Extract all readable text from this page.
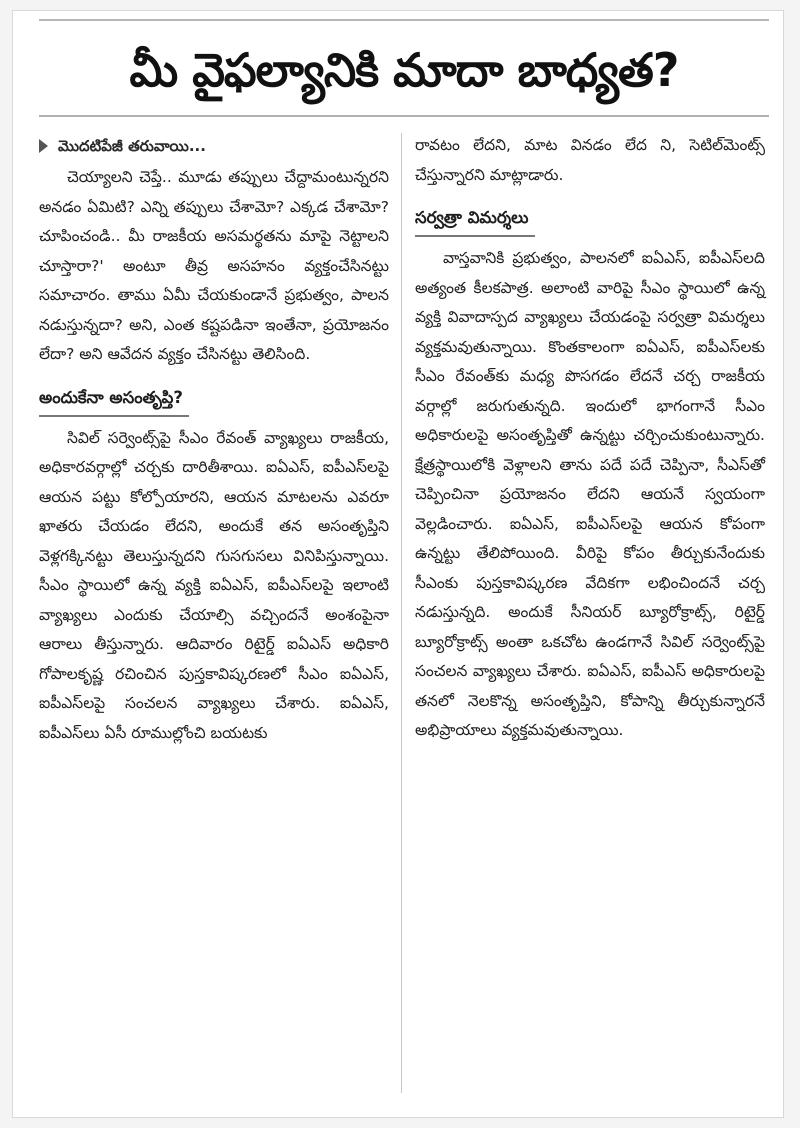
మీ వైఫల్యానికి మాదా బాధ్యత?
మొదటిపేజీ తరువాయి...

చెయ్యాలని చెప్తే.. మూడు తప్పులు చేద్దామంటున్నరని అనడం ఏమిటి? ఎన్ని తప్పులు చేశామో? ఎక్కడ చేశామో? చూపించండి.. మీ రాజకీయ అసమర్థతను మాపై నెట్టాలని చూస్తారా?' అంటూ తీవ్ర అసహనం వ్యక్తంచేసినట్టు సమాచారం. తాము ఏమీ చేయకుండానే ప్రభుత్వం, పాలన నడుస్తున్నదా? అని, ఎంత కష్టపడినా ఇంతేనా, ప్రయోజనం లేదా? అని ఆవేదన వ్యక్తం చేసినట్టు తెలిసింది.

అందుకేనా అసంతృప్తి?

సివిల్ సర్వెంట్స్‌పై సీఎం రేవంత్ వ్యాఖ్యలు రాజకీయ, అధికారవర్గాల్లో చర్చకు దారితీశాయి. ఐఏఎస్, ఐపీఎస్‌లపై ఆయన పట్టు కోల్పోయారని, ఆయన మాటలను ఎవరూ ఖాతరు చేయడం లేదని, అందుకే తన అసంతృప్తిని వెళ్లగక్కినట్టు తెలుస్తున్నదని గుసగుసలు వినిపిస్తున్నాయి. సీఎం స్థాయిలో ఉన్న వ్యక్తి ఐఏఎస్, ఐపీఎస్‌లపై ఇలాంటి వ్యాఖ్యలు ఎందుకు చేయాల్సి వచ్చిందనే అంశంపైనా ఆరాలు తీస్తున్నారు. ఆదివారం రిటైర్డ్ ఐఏఎస్ అధికారి గోపాలకృష్ణ రచించిన పుస్తకావిష్కరణలో సీఎం ఐఏఎస్, ఐపీఎస్‌లపై సంచలన వ్యాఖ్యలు చేశారు. ఐఏఎస్, ఐపీఎస్‌లు ఏసీ రూముల్లోంచి బయటకు

రావటం లేదని, మాట వినడం లేద ని, సెటిల్‌మెంట్స్ చేస్తున్నారని మాట్లాడారు.

సర్వత్రా విమర్శలు

వాస్తవానికి ప్రభుత్వం, పాలనలో ఐఏఎస్, ఐపీఎస్‌లది అత్యంత కీలకపాత్ర. అలాంటి వారిపై సీఎం స్థాయిలో ఉన్న వ్యక్తి వివాదాస్పద వ్యాఖ్యలు చేయడంపై సర్వత్రా విమర్శలు వ్యక్తమవుతున్నాయి. కొంతకాలంగా ఐఏఎస్, ఐపీఎస్‌లకు సీఎం రేవంత్‌కు మధ్య పొసగడం లేదనే చర్చ రాజకీయ వర్గాల్లో జరుగుతున్నది. ఇందులో భాగంగానే సీఎం అధికారులపై అసంతృప్తితో ఉన్నట్టు చర్చించుకుంటున్నారు. క్షేత్రస్థాయిలోకి వెళ్లాలని తాను పదే పదే చెప్పినా, సీఎస్‌తో చెప్పించినా ప్రయోజనం లేదని ఆయనే స్వయంగా వెల్లడించారు. ఐఏఎస్, ఐపీఎస్‌లపై ఆయన కోపంగా ఉన్నట్టు తేలిపోయింది. వీరిపై కోపం తీర్చుకునేందుకు సీఎంకు పుస్తకావిష్కరణ వేదికగా లభించిందనే చర్చ నడుస్తున్నది. అందుకే సీనియర్ బ్యూరోక్రాట్స్, రిటైర్డ్ బ్యూరోక్రాట్స్ అంతా ఒకచోట ఉండగానే సివిల్ సర్వెంట్స్‌పై సంచలన వ్యాఖ్యలు చేశారు. ఐఏఎస్, ఐపీఎస్ అధికారులపై తనలో నెలకొన్న అసంతృప్తిని, కోపాన్ని తీర్చుకున్నారనే అభిప్రాయాలు వ్యక్తమవుతున్నాయి.
